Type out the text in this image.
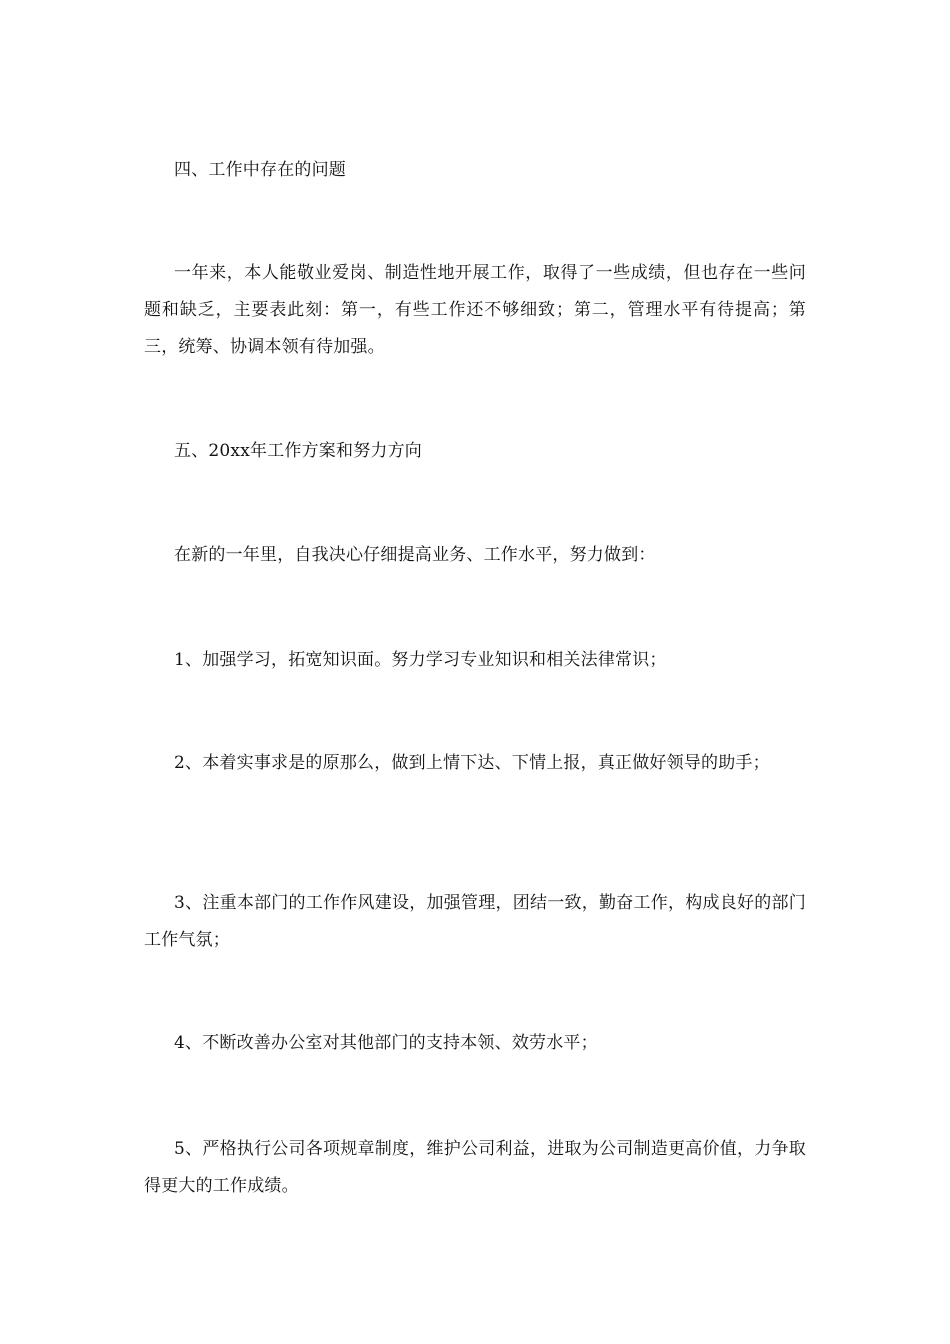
四、工作中存在的问题

一年来，本人能敬业爱岗、制造性地开展工作，取得了一些成绩，但也存在一些问题和缺乏，主要表此刻：第一，有些工作还不够细致；第二，管理水平有待提高；第三，统筹、协调本领有待加强。

五、20xx年工作方案和努力方向

在新的一年里，自我决心仔细提高业务、工作水平，努力做到：

1、加强学习，拓宽知识面。努力学习专业知识和相关法律常识；

2、本着实事求是的原那么，做到上情下达、下情上报，真正做好领导的助手；

3、注重本部门的工作作风建设，加强管理，团结一致，勤奋工作，构成良好的部门工作气氛；

4、不断改善办公室对其他部门的支持本领、效劳水平；

5、严格执行公司各项规章制度，维护公司利益，进取为公司制造更高价值，力争取得更大的工作成绩。
